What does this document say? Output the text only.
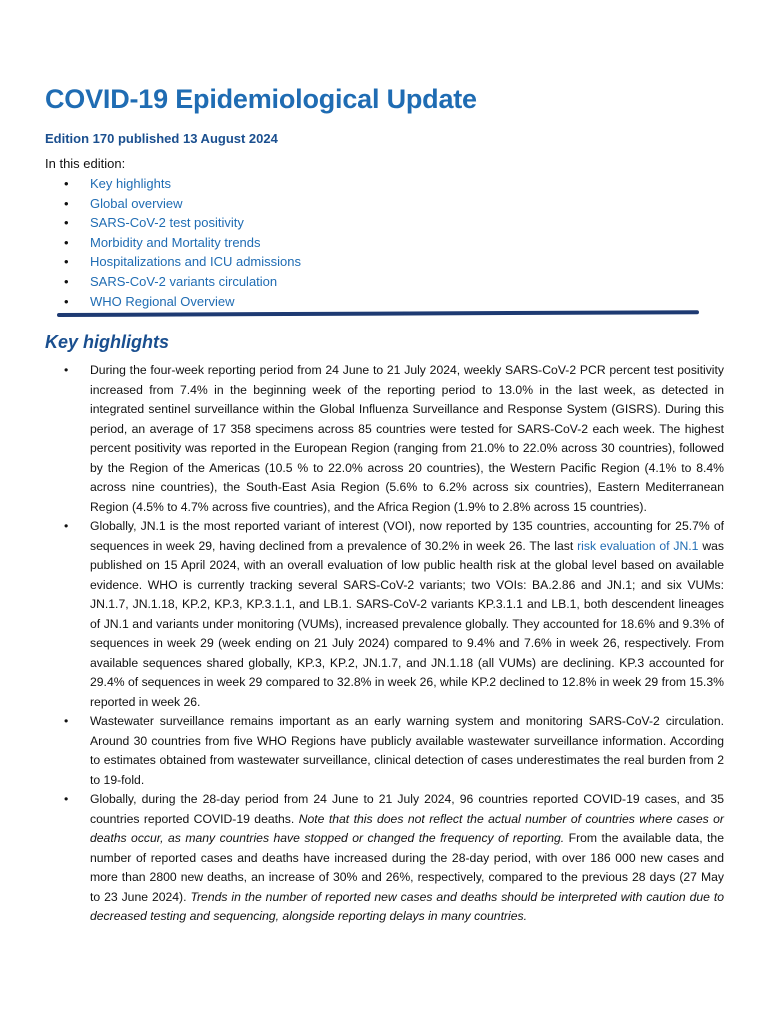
COVID-19 Epidemiological Update
Edition 170 published 13 August 2024
In this edition:
• Key highlights
• Global overview
• SARS-CoV-2 test positivity
• Morbidity and Mortality trends
• Hospitalizations and ICU admissions
• SARS-CoV-2 variants circulation
• WHO Regional Overview
Key highlights
• During the four-week reporting period from 24 June to 21 July 2024, weekly SARS-CoV-2 PCR percent test positivity increased from 7.4% in the beginning week of the reporting period to 13.0% in the last week, as detected in integrated sentinel surveillance within the Global Influenza Surveillance and Response System (GISRS). During this period, an average of 17 358 specimens across 85 countries were tested for SARS-CoV-2 each week. The highest percent positivity was reported in the European Region (ranging from 21.0% to 22.0% across 30 countries), followed by the Region of the Americas (10.5 % to 22.0% across 20 countries), the Western Pacific Region (4.1% to 8.4% across nine countries), the South-East Asia Region (5.6% to 6.2% across six countries), Eastern Mediterranean Region (4.5% to 4.7% across five countries), and the Africa Region (1.9% to 2.8% across 15 countries).
• Globally, JN.1 is the most reported variant of interest (VOI), now reported by 135 countries, accounting for 25.7% of sequences in week 29, having declined from a prevalence of 30.2% in week 26. The last risk evaluation of JN.1 was published on 15 April 2024, with an overall evaluation of low public health risk at the global level based on available evidence. WHO is currently tracking several SARS-CoV-2 variants; two VOIs: BA.2.86 and JN.1; and six VUMs: JN.1.7, JN.1.18, KP.2, KP.3, KP.3.1.1, and LB.1. SARS-CoV-2 variants KP.3.1.1 and LB.1, both descendent lineages of JN.1 and variants under monitoring (VUMs), increased prevalence globally. They accounted for 18.6% and 9.3% of sequences in week 29 (week ending on 21 July 2024) compared to 9.4% and 7.6% in week 26, respectively. From available sequences shared globally, KP.3, KP.2, JN.1.7, and JN.1.18 (all VUMs) are declining. KP.3 accounted for 29.4% of sequences in week 29 compared to 32.8% in week 26, while KP.2 declined to 12.8% in week 29 from 15.3% reported in week 26.
• Wastewater surveillance remains important as an early warning system and monitoring SARS-CoV-2 circulation. Around 30 countries from five WHO Regions have publicly available wastewater surveillance information. According to estimates obtained from wastewater surveillance, clinical detection of cases underestimates the real burden from 2 to 19-fold.
• Globally, during the 28-day period from 24 June to 21 July 2024, 96 countries reported COVID-19 cases, and 35 countries reported COVID-19 deaths. Note that this does not reflect the actual number of countries where cases or deaths occur, as many countries have stopped or changed the frequency of reporting. From the available data, the number of reported cases and deaths have increased during the 28-day period, with over 186 000 new cases and more than 2800 new deaths, an increase of 30% and 26%, respectively, compared to the previous 28 days (27 May to 23 June 2024). Trends in the number of reported new cases and deaths should be interpreted with caution due to decreased testing and sequencing, alongside reporting delays in many countries.
